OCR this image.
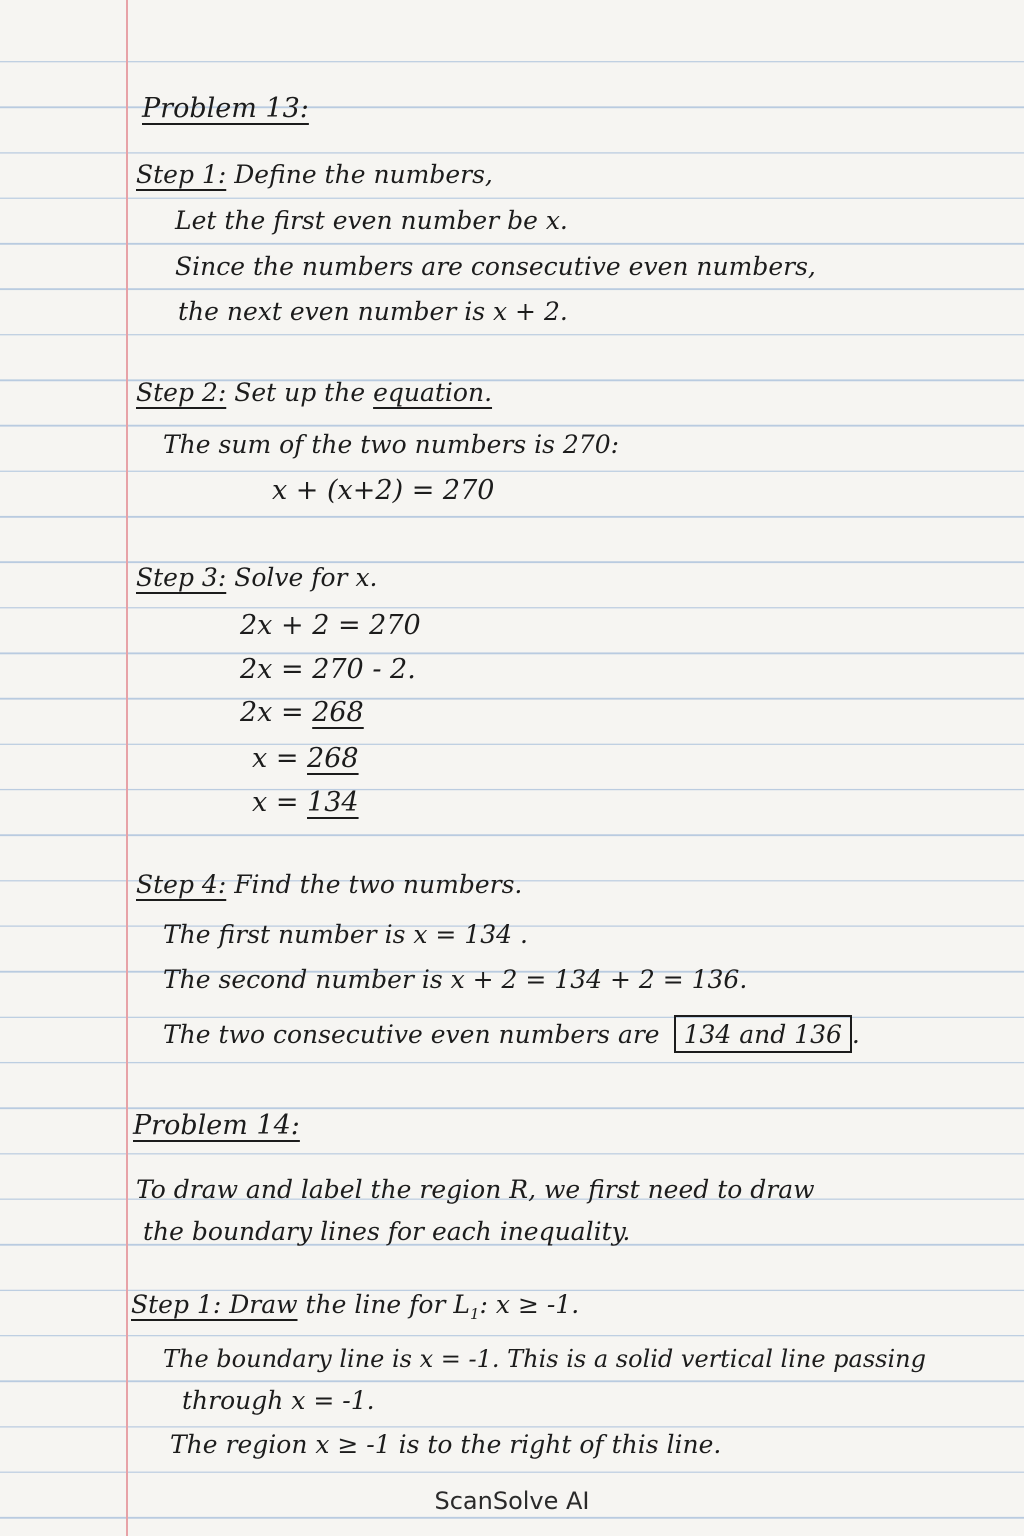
Problem 13:
Step 1: Define the numbers,
Let the first even number be x.
Since the numbers are consecutive even numbers,
the next even number is x + 2.
Step 2: Set up the equation.
The sum of the two numbers is 270:
x + (x+2) = 270
Step 3: Solve for x.
2x + 2 = 270
2x = 270 - 2.
2x = 268
x = 268
x = 134
Step 4: Find the two numbers.
The first number is x = 134 .
The second number is x + 2 = 134 + 2 = 136.
The two consecutive even numbers are 134 and 136 .
Problem 14:
To draw and label the region R, we first need to draw
the boundary lines for each inequality.
Step 1: Draw the line for $L_1$: x ≥ -1.
The boundary line is x = -1. This is a solid vertical line passing
through x = -1.
The region x ≥ -1 is to the right of this line.
ScanSolve AI
